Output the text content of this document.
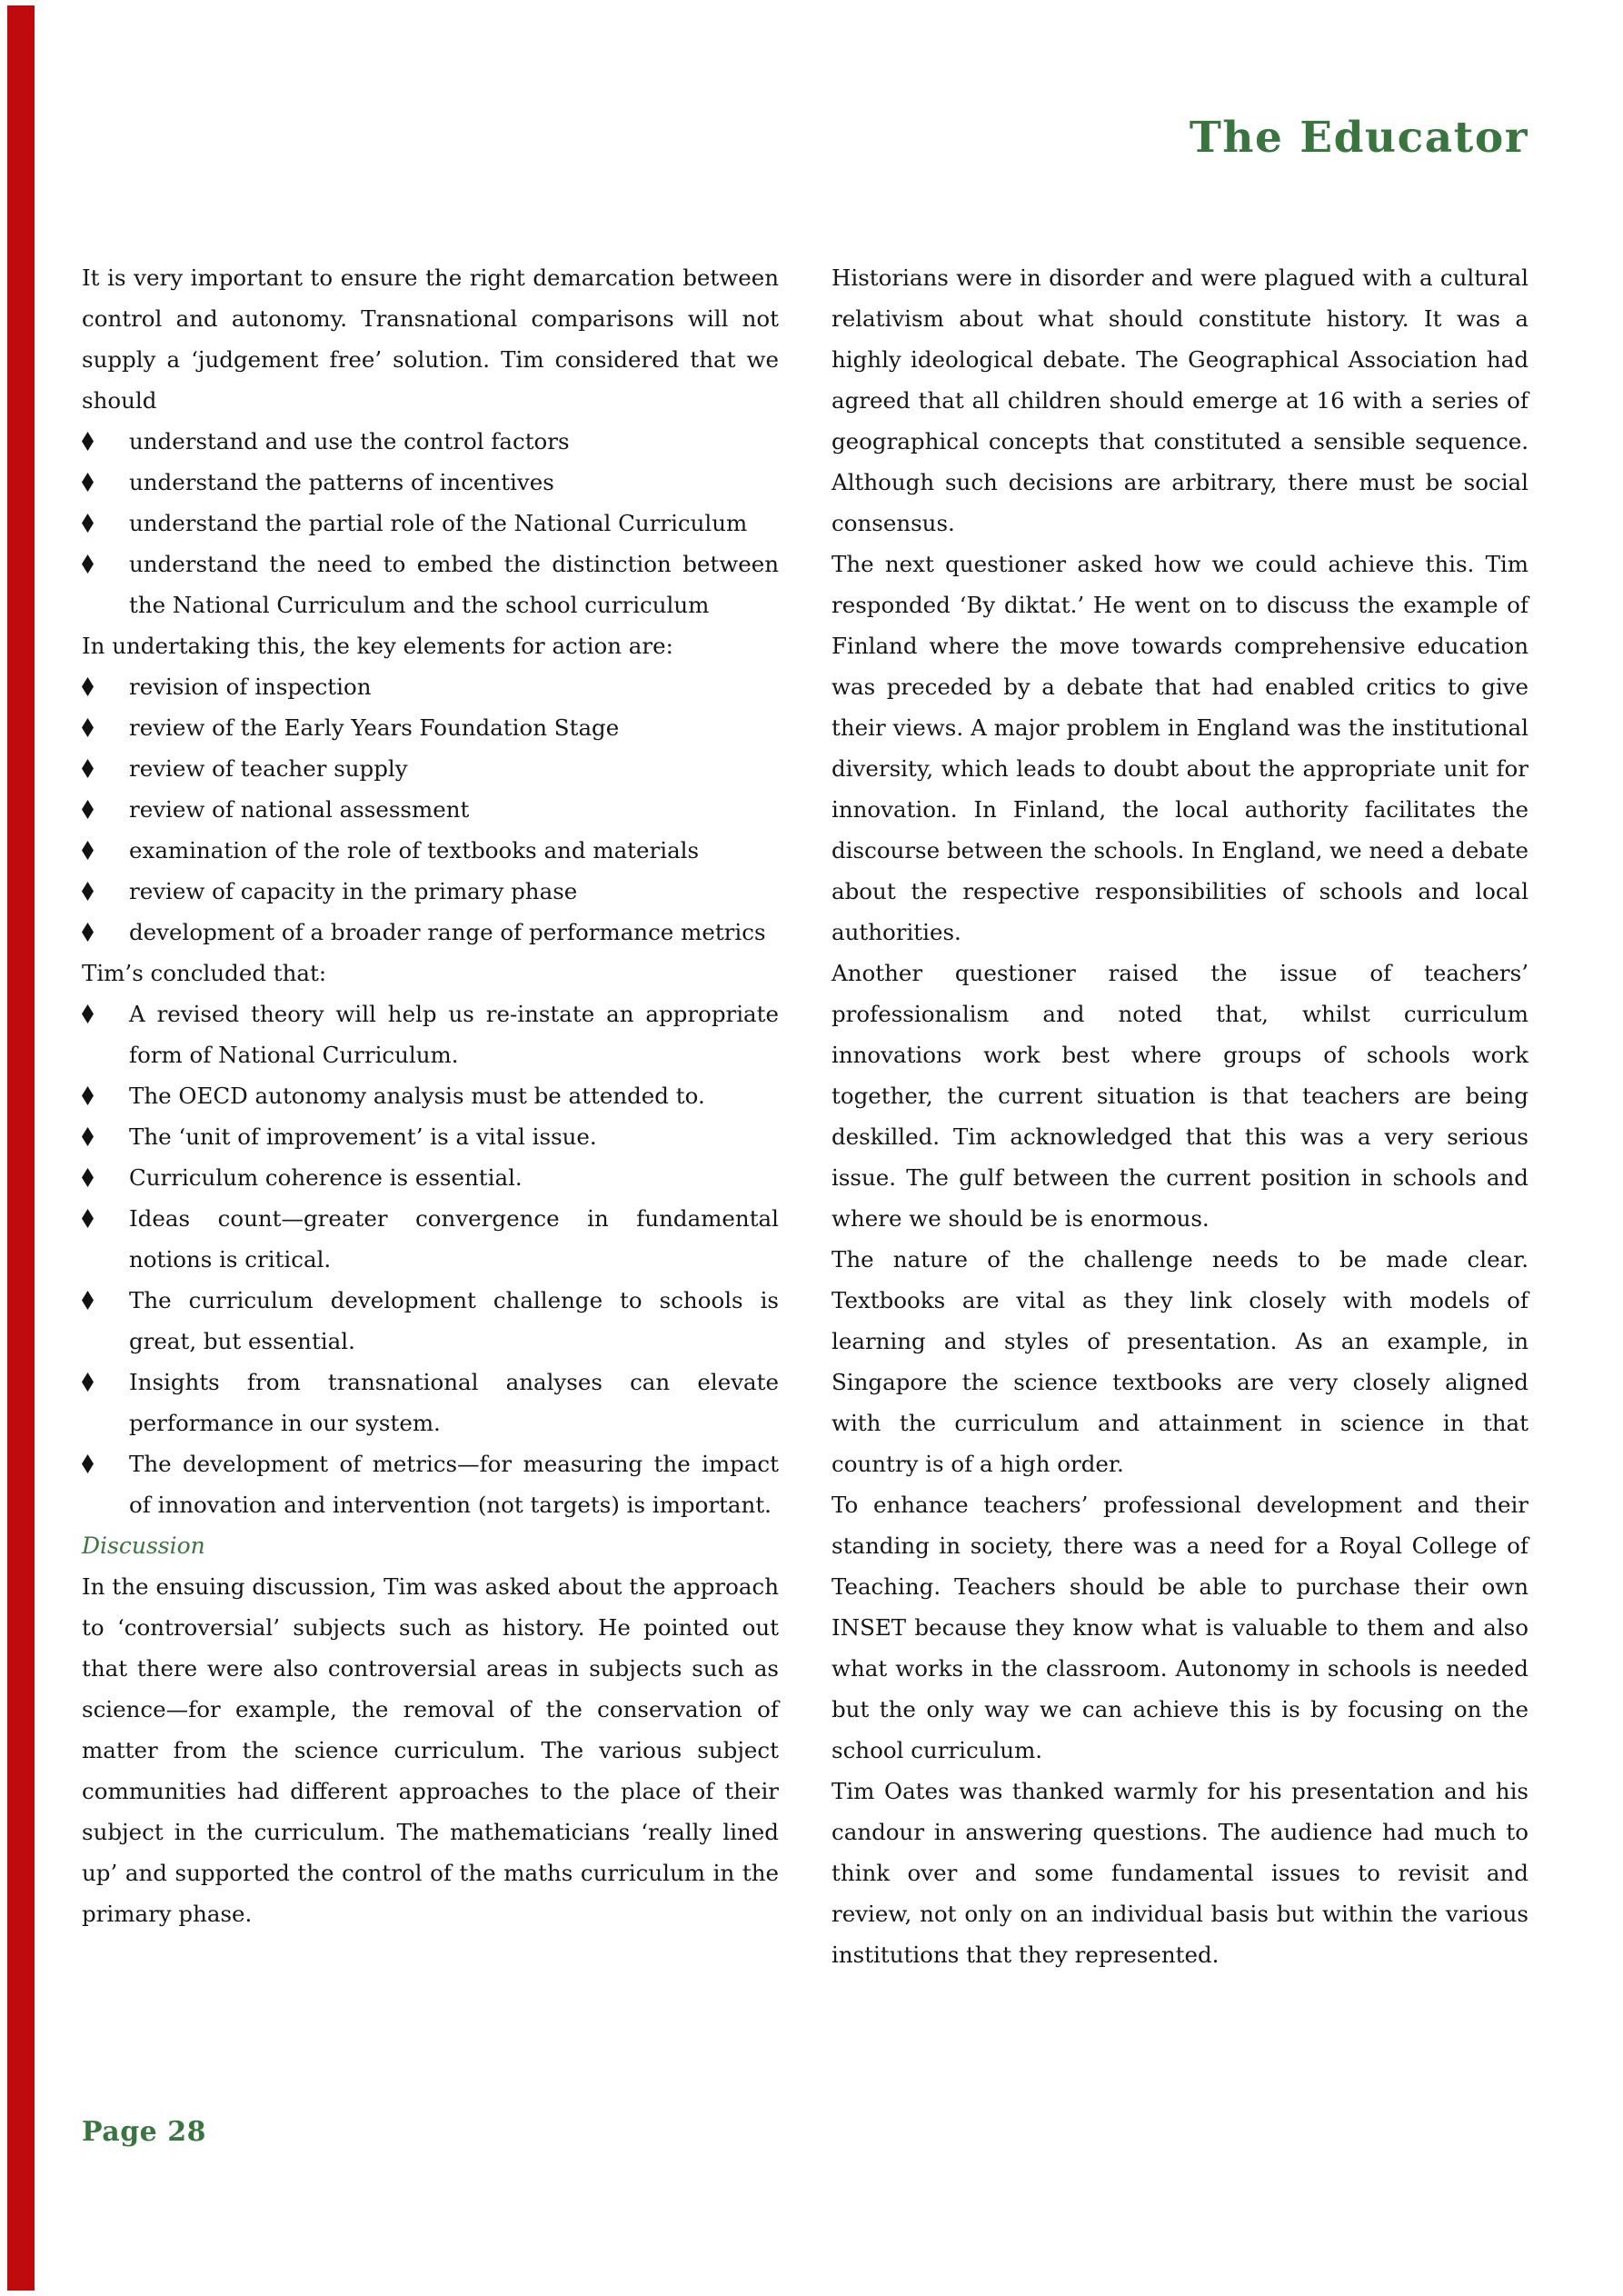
The Educator

It is very important to ensure the right demarcation between control and autonomy. Transnational comparisons will not supply a ‘judgement free’ solution. Tim considered that we should

understand and use the control factors
understand the patterns of incentives
understand the partial role of the National Curriculum
understand the need to embed the distinction between the National Curriculum and the school curriculum

In undertaking this, the key elements for action are:

revision of inspection
review of the Early Years Foundation Stage
review of teacher supply
review of national assessment
examination of the role of textbooks and materials
review of capacity in the primary phase
development of a broader range of performance metrics

Tim’s concluded that:

A revised theory will help us re-instate an appropriate form of National Curriculum.
The OECD autonomy analysis must be attended to.
The ‘unit of improvement’ is a vital issue.
Curriculum coherence is essential.
Ideas count—greater convergence in fundamental notions is critical.
The curriculum development challenge to schools is great, but essential.
Insights from transnational analyses can elevate performance in our system.
The development of metrics—for measuring the impact of innovation and intervention (not targets) is important.

Discussion

In the ensuing discussion, Tim was asked about the approach to ‘controversial’ subjects such as history. He pointed out that there were also controversial areas in subjects such as science—for example, the removal of the conservation of matter from the science curriculum. The various subject communities had different approaches to the place of their subject in the curriculum. The mathematicians ‘really lined up’ and supported the control of the maths curriculum in the primary phase.

Historians were in disorder and were plagued with a cultural relativism about what should constitute history. It was a highly ideological debate. The Geographical Association had agreed that all children should emerge at 16 with a series of geographical concepts that constituted a sensible sequence. Although such decisions are arbitrary, there must be social consensus.

The next questioner asked how we could achieve this. Tim responded ‘By diktat.’ He went on to discuss the example of Finland where the move towards comprehensive education was preceded by a debate that had enabled critics to give their views. A major problem in England was the institutional diversity, which leads to doubt about the appropriate unit for innovation. In Finland, the local authority facilitates the discourse between the schools. In England, we need a debate about the respective responsibilities of schools and local authorities.

Another questioner raised the issue of teachers’ professionalism and noted that, whilst curriculum innovations work best where groups of schools work together, the current situation is that teachers are being deskilled. Tim acknowledged that this was a very serious issue. The gulf between the current position in schools and where we should be is enormous.

The nature of the challenge needs to be made clear. Textbooks are vital as they link closely with models of learning and styles of presentation. As an example, in Singapore the science textbooks are very closely aligned with the curriculum and attainment in science in that country is of a high order.

To enhance teachers’ professional development and their standing in society, there was a need for a Royal College of Teaching. Teachers should be able to purchase their own INSET because they know what is valuable to them and also what works in the classroom. Autonomy in schools is needed but the only way we can achieve this is by focusing on the school curriculum.

Tim Oates was thanked warmly for his presentation and his candour in answering questions. The audience had much to think over and some fundamental issues to revisit and review, not only on an individual basis but within the various institutions that they represented.

Page 28
